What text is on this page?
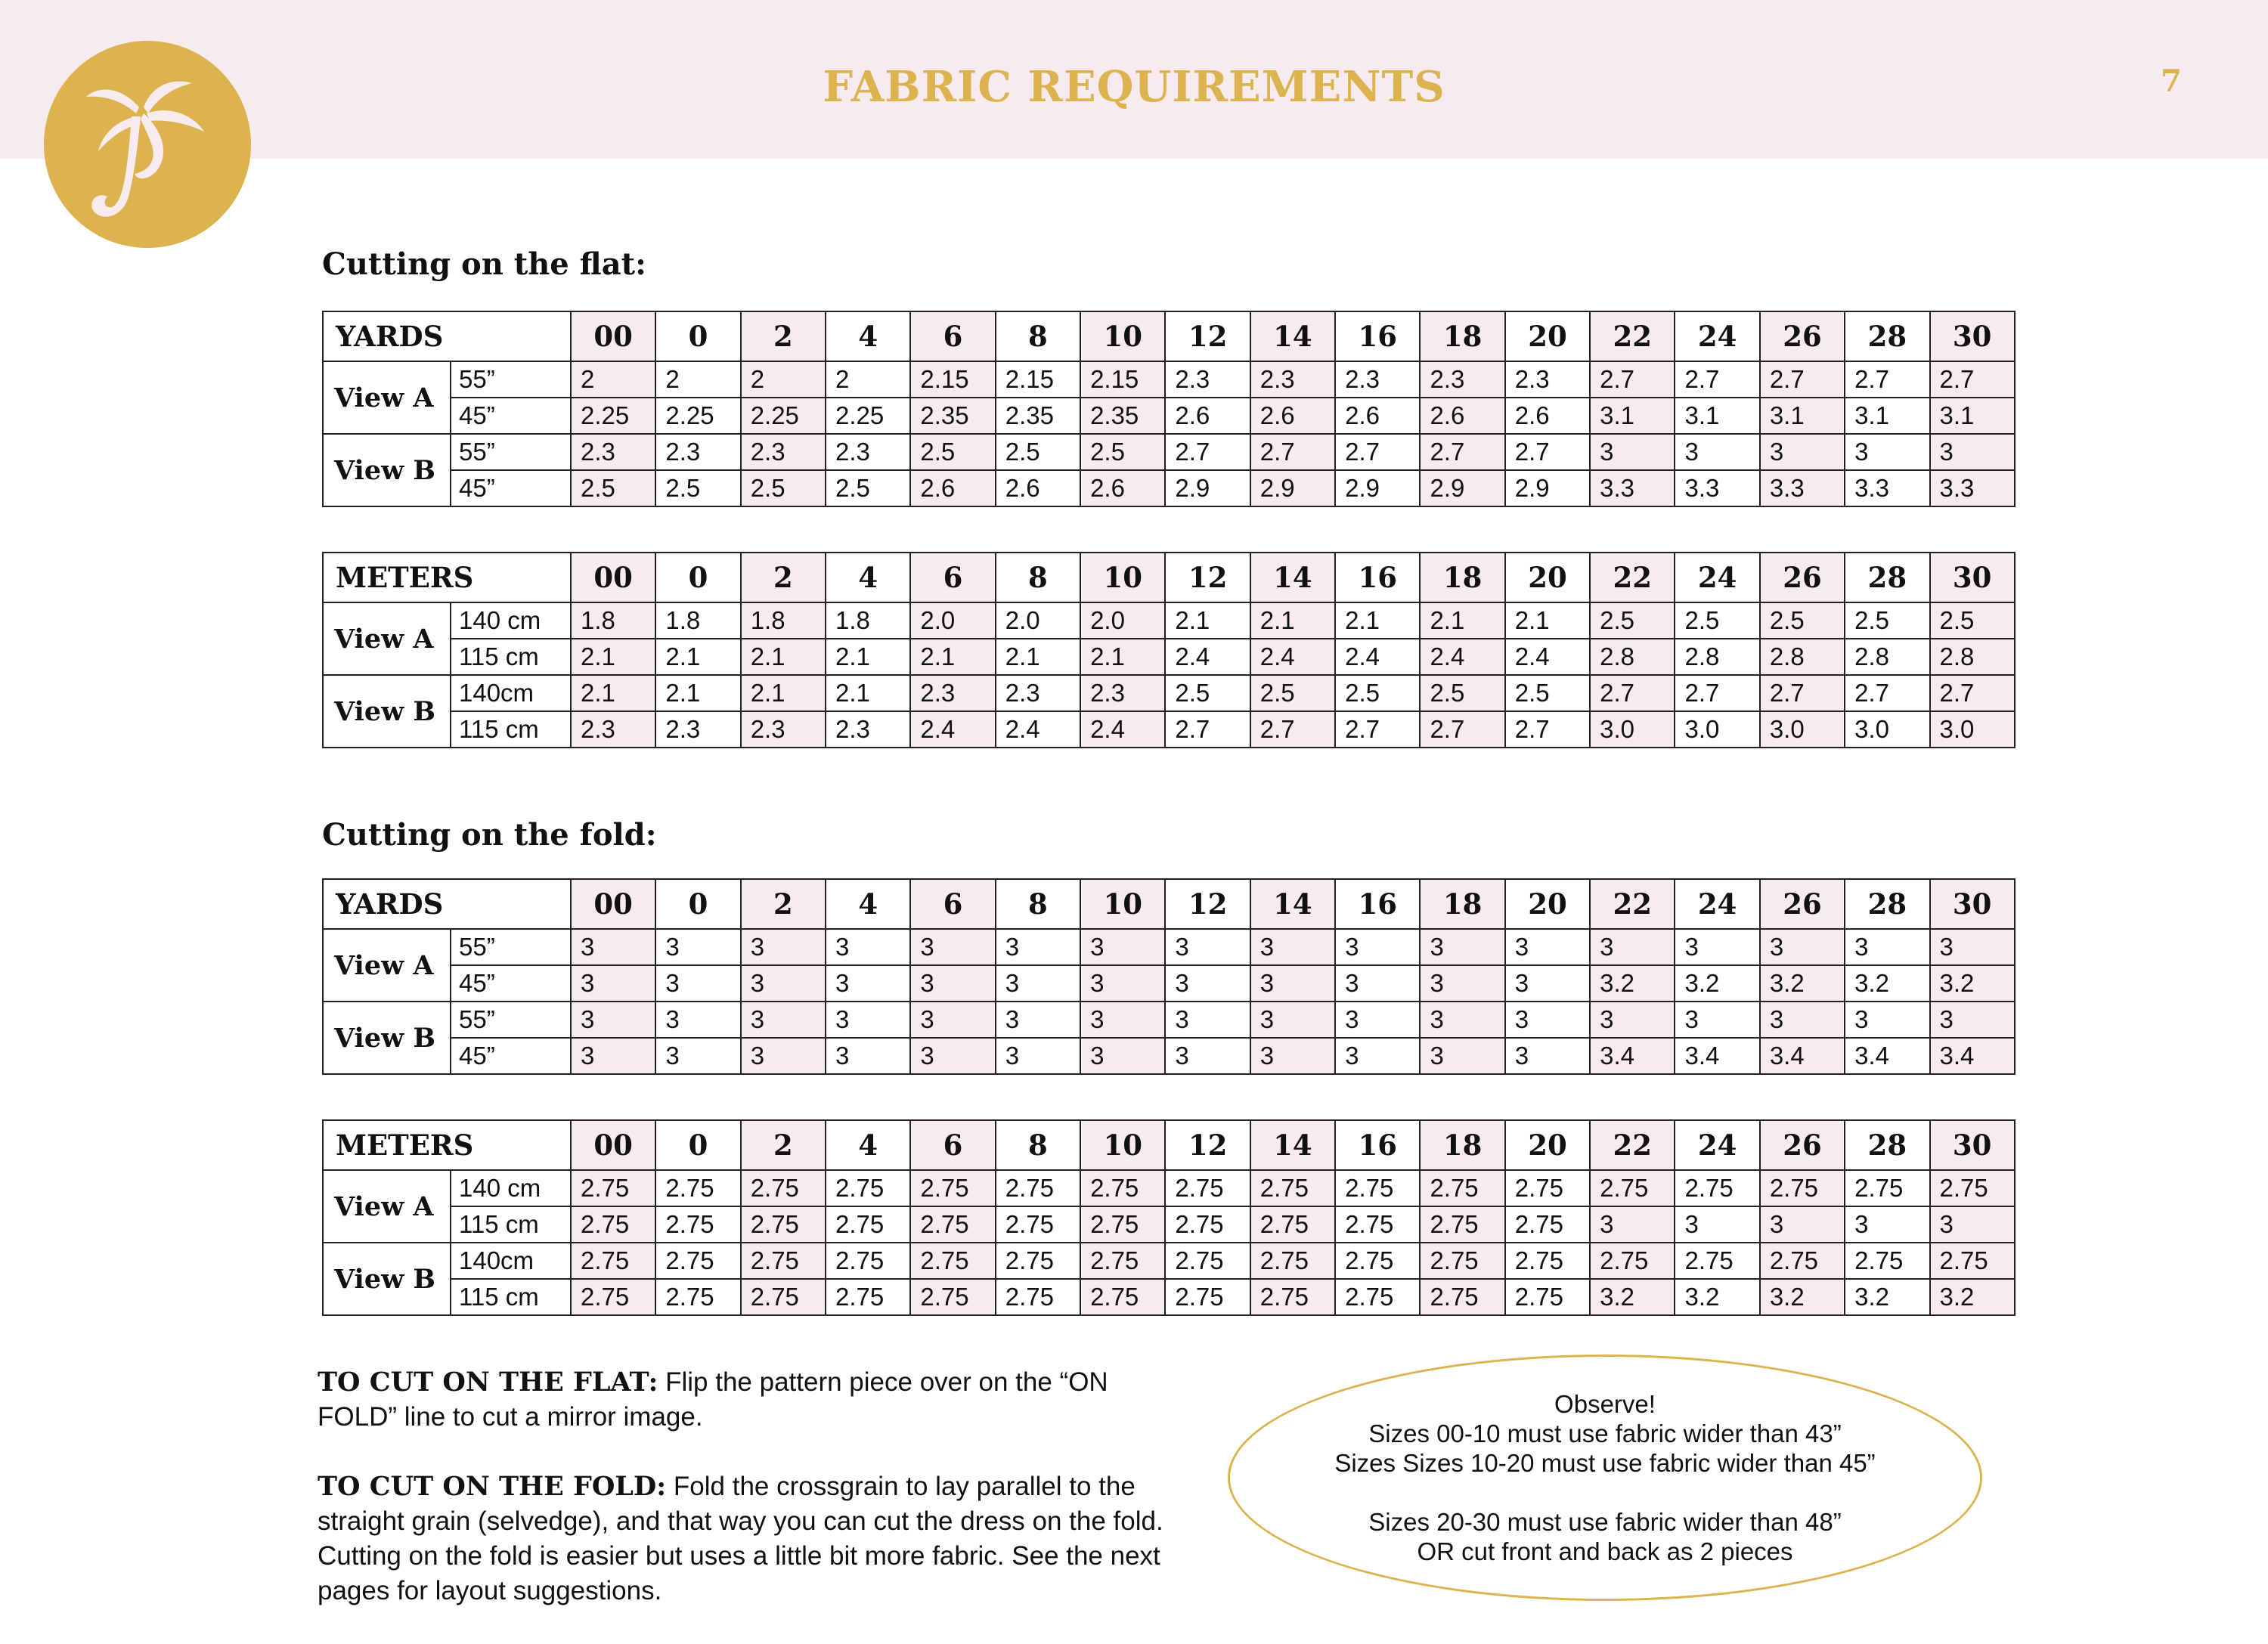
FABRIC REQUIREMENTS	7
Cutting on the flat:
YARDS		00	0	2	4	6	8	10	12	14	16	18	20	22	24	26	28	30
View A	55”	2	2	2	2	2.15	2.15	2.15	2.3	2.3	2.3	2.3	2.3	2.7	2.7	2.7	2.7	2.7
	45”	2.25	2.25	2.25	2.25	2.35	2.35	2.35	2.6	2.6	2.6	2.6	2.6	3.1	3.1	3.1	3.1	3.1
View B	55”	2.3	2.3	2.3	2.3	2.5	2.5	2.5	2.7	2.7	2.7	2.7	2.7	3	3	3	3	3
	45”	2.5	2.5	2.5	2.5	2.6	2.6	2.6	2.9	2.9	2.9	2.9	2.9	3.3	3.3	3.3	3.3	3.3
METERS		00	0	2	4	6	8	10	12	14	16	18	20	22	24	26	28	30
View A	140 cm	1.8	1.8	1.8	1.8	2.0	2.0	2.0	2.1	2.1	2.1	2.1	2.1	2.5	2.5	2.5	2.5	2.5
	115 cm	2.1	2.1	2.1	2.1	2.1	2.1	2.1	2.4	2.4	2.4	2.4	2.4	2.8	2.8	2.8	2.8	2.8
View B	140cm	2.1	2.1	2.1	2.1	2.3	2.3	2.3	2.5	2.5	2.5	2.5	2.5	2.7	2.7	2.7	2.7	2.7
	115 cm	2.3	2.3	2.3	2.3	2.4	2.4	2.4	2.7	2.7	2.7	2.7	2.7	3.0	3.0	3.0	3.0	3.0
Cutting on the fold:
YARDS		00	0	2	4	6	8	10	12	14	16	18	20	22	24	26	28	30
View A	55”	3	3	3	3	3	3	3	3	3	3	3	3	3	3	3	3	3
	45”	3	3	3	3	3	3	3	3	3	3	3	3	3.2	3.2	3.2	3.2	3.2
View B	55”	3	3	3	3	3	3	3	3	3	3	3	3	3	3	3	3	3
	45”	3	3	3	3	3	3	3	3	3	3	3	3	3.4	3.4	3.4	3.4	3.4
METERS		00	0	2	4	6	8	10	12	14	16	18	20	22	24	26	28	30
View A	140 cm	2.75	2.75	2.75	2.75	2.75	2.75	2.75	2.75	2.75	2.75	2.75	2.75	2.75	2.75	2.75	2.75	2.75
	115 cm	2.75	2.75	2.75	2.75	2.75	2.75	2.75	2.75	2.75	2.75	2.75	2.75	3	3	3	3	3
View B	140cm	2.75	2.75	2.75	2.75	2.75	2.75	2.75	2.75	2.75	2.75	2.75	2.75	2.75	2.75	2.75	2.75	2.75
	115 cm	2.75	2.75	2.75	2.75	2.75	2.75	2.75	2.75	2.75	2.75	2.75	2.75	3.2	3.2	3.2	3.2	3.2

TO CUT ON THE FLAT: Flip the pattern piece over on the “ON FOLD” line to cut a mirror image.

TO CUT ON THE FOLD: Fold the crossgrain to lay parallel to the straight grain (selvedge), and that way you can cut the dress on the fold. Cutting on the fold is easier but uses a little bit more fabric. See the next pages for layout suggestions.

Observe!
Sizes 00-10 must use fabric wider than 43”
Sizes Sizes 10-20 must use fabric wider than 45”
Sizes 20-30 must use fabric wider than 48”
OR cut front and back as 2 pieces
